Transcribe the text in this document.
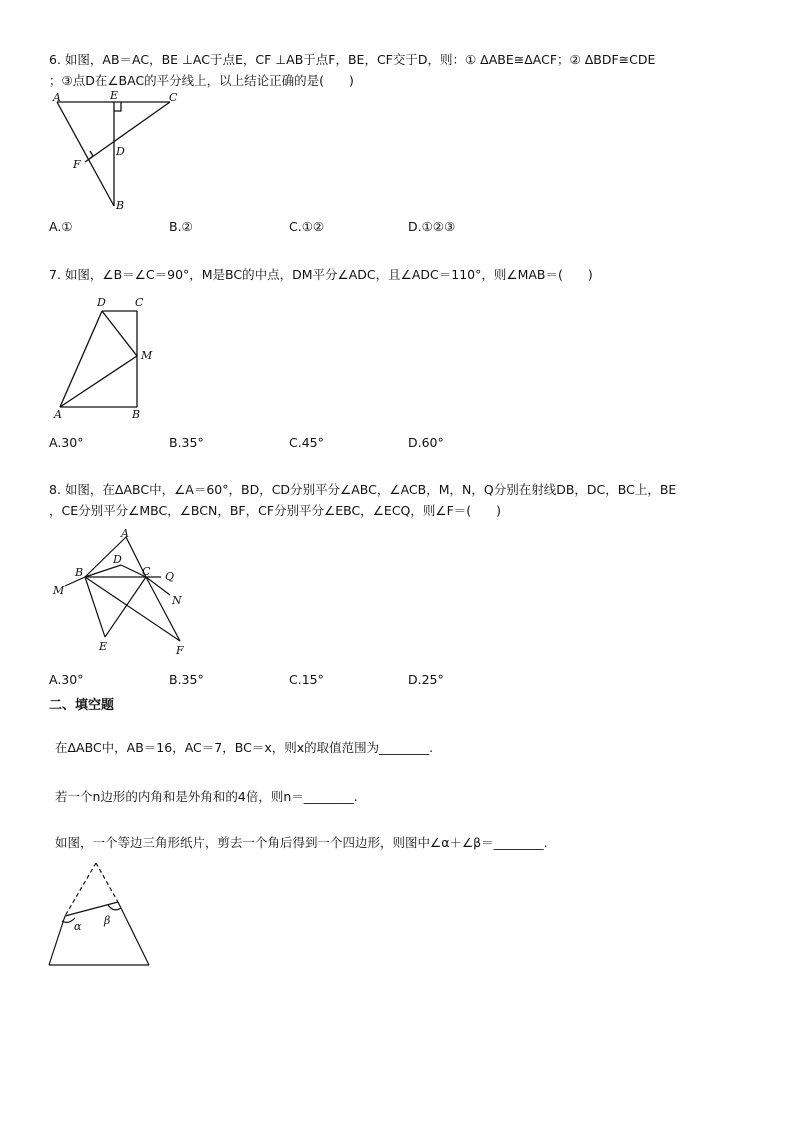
6. 如图，AB＝AC，BE ⊥AC于点E，CF ⊥AB于点F，BE，CF交于D，则：① ΔABE≅ΔACF；② ΔBDF≅CDE
；③点D在∠BAC的平分线上，以上结论正确的是(　　)
A	E	C
F
D
B
A.①	B.②	C.①②	D.①②③
7. 如图，∠B＝∠C＝90°，M是BC的中点，DM平分∠ADC，且∠ADC＝110°，则∠MAB＝(　　)
D	C
M
A	B
A.30°	B.35°	C.45°	D.60°
8. 如图，在ΔABC中，∠A＝60°，BD，CD分别平分∠ABC，∠ACB，M，N，Q分别在射线DB，DC，BC上，BE
，CE分别平分∠MBC，∠BCN，BF，CF分别平分∠EBC，∠ECQ，则∠F＝(　　)
A
D
B	C Q
M
N
E	F
A.30°	B.35°	C.15°	D.25°
二、填空题
在ΔABC中，AB＝16，AC＝7，BC＝x，则x的取值范围为________.
若一个n边形的内角和是外角和的4倍，则n＝________.
如图，一个等边三角形纸片，剪去一个角后得到一个四边形，则图中∠α＋∠β＝________.
α β
